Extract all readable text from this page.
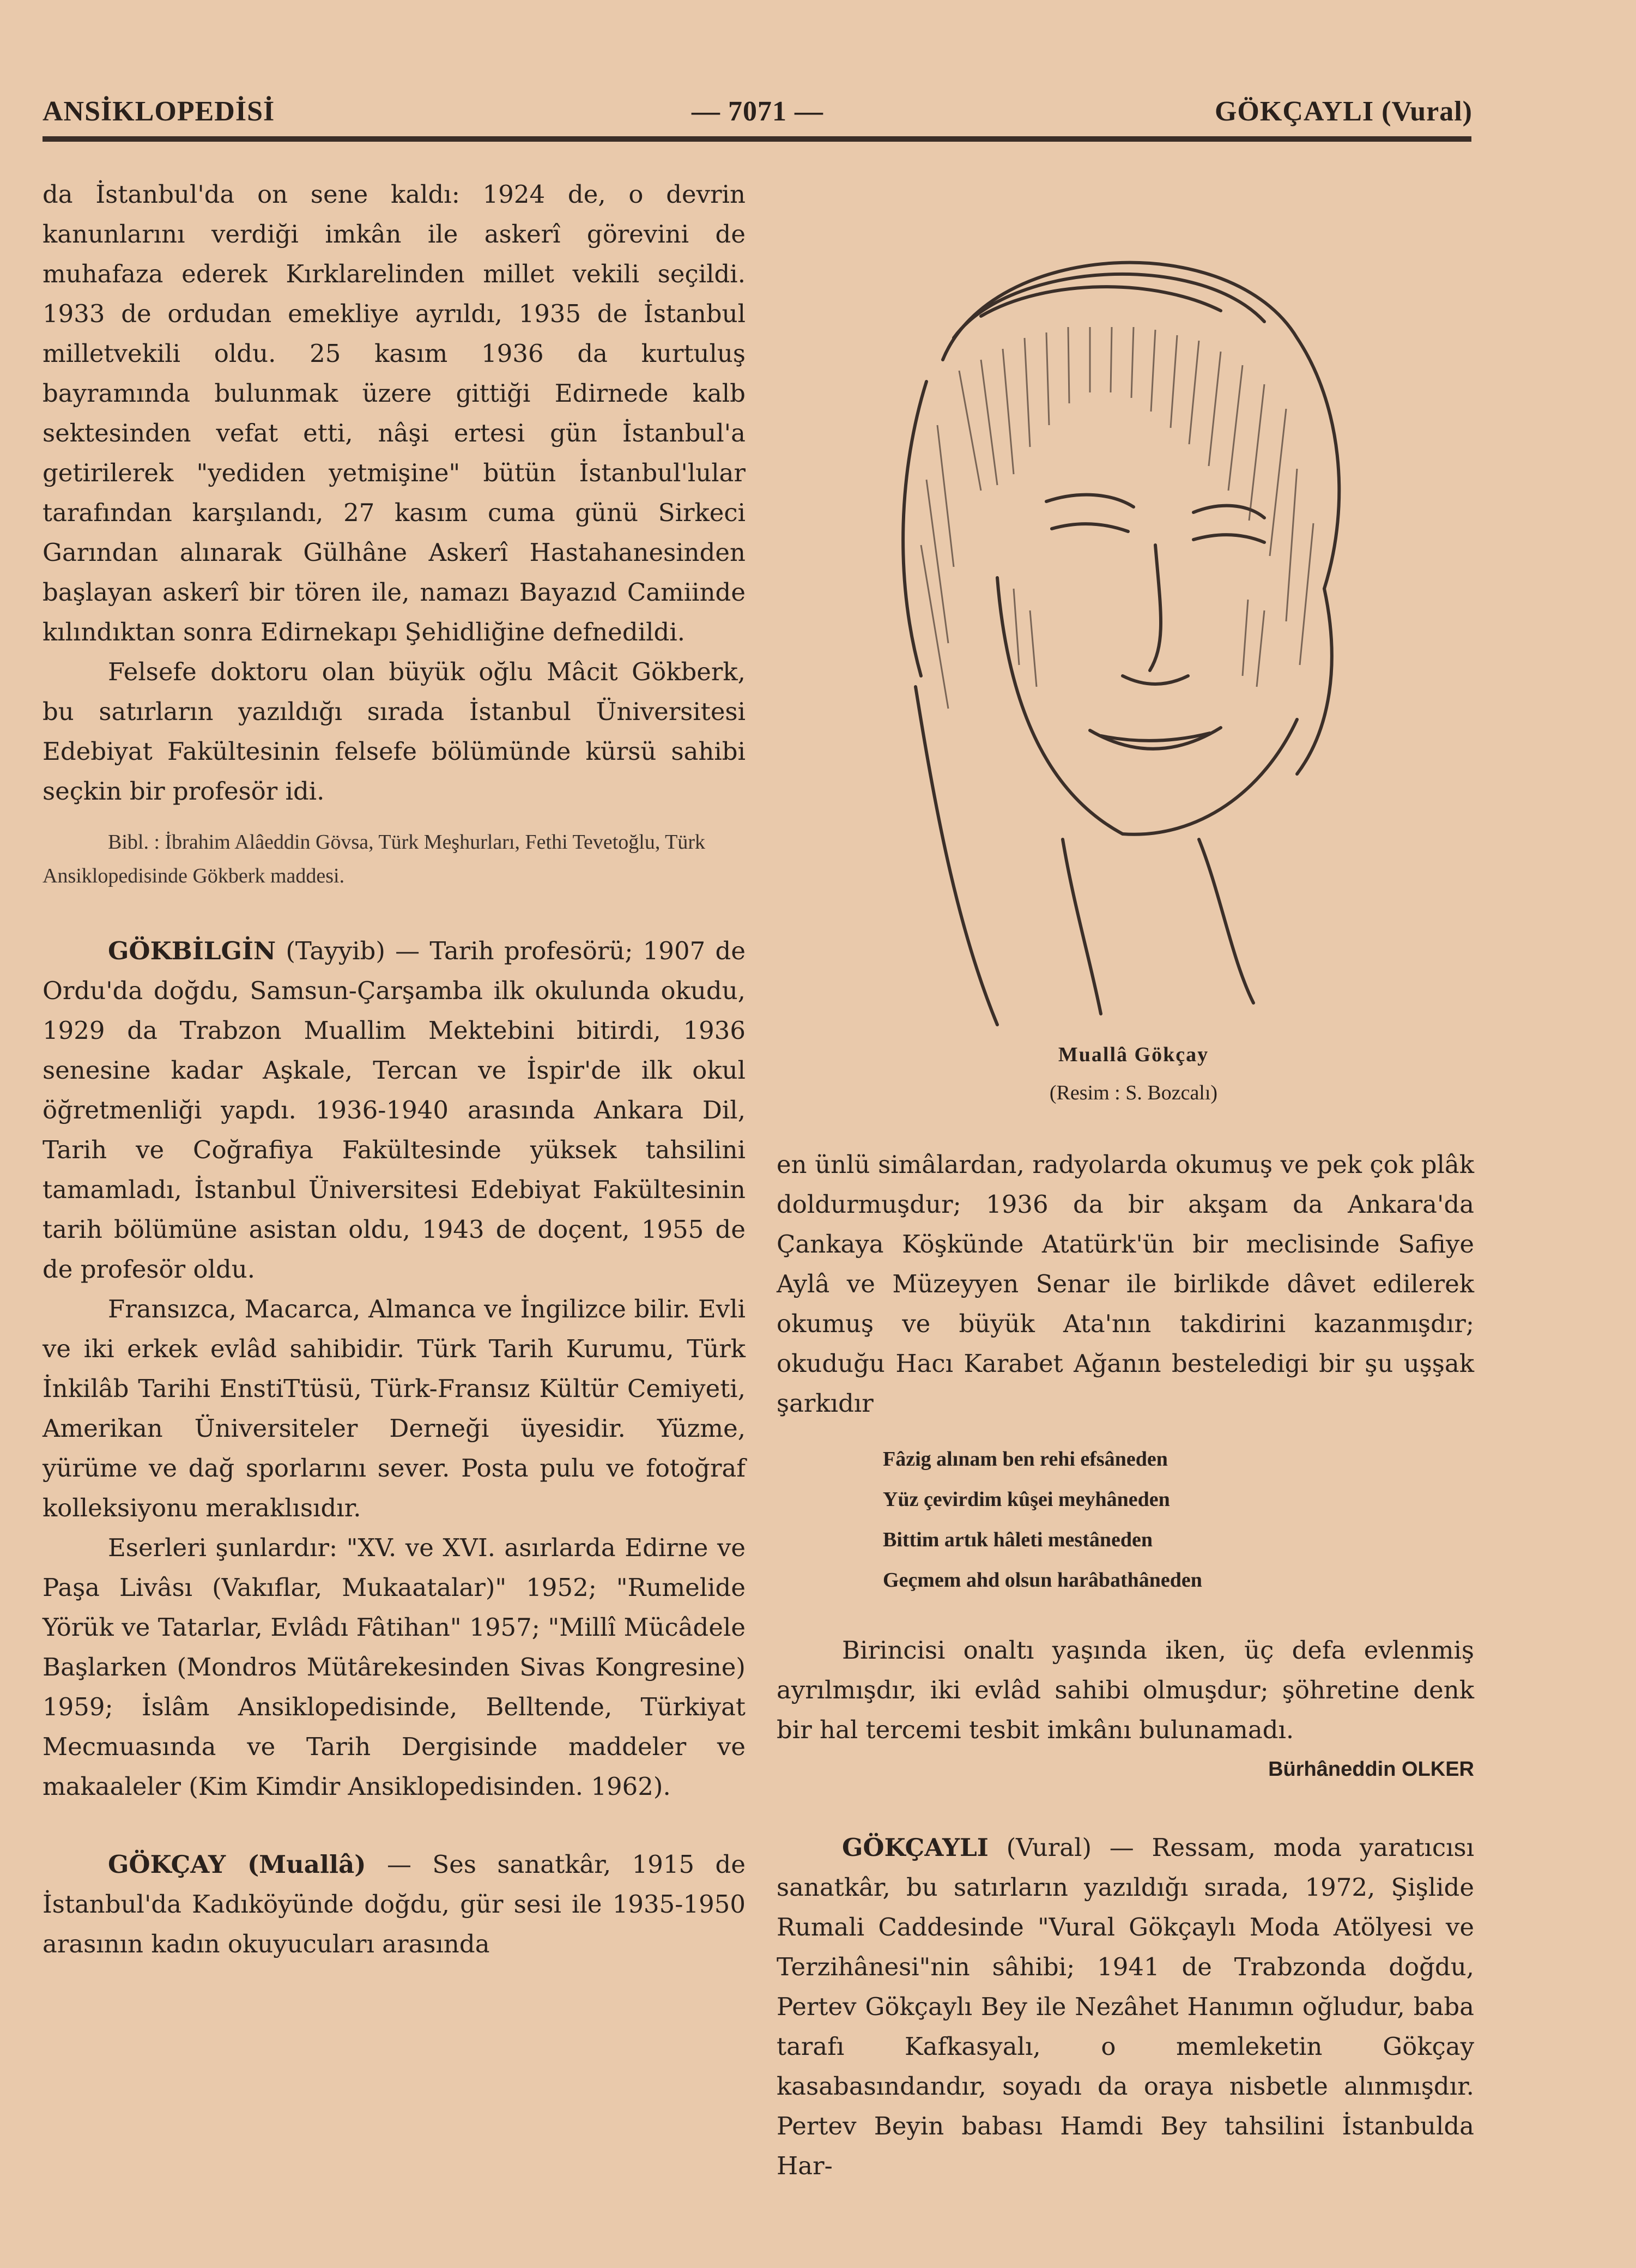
ANSİKLOPEDİSİ	— 7071 —	GÖKÇAYLI (Vural)

da İstanbul'da on sene kaldı: 1924 de, o devrin kanunlarını verdiği imkân ile askerî görevini de muhafaza ederek Kırklarelinden millet vekili seçildi. 1933 de ordudan emekliye ayrıldı, 1935 de İstanbul milletvekili oldu. 25 kasım 1936 da kurtuluş bayramında bulunmak üzere gittiği Edirnede kalb sektesinden vefat etti, nâşi ertesi gün İstanbul'a getirilerek "yediden yetmişine" bütün İstanbul'lular tarafından karşılandı, 27 kasım cuma günü Sirkeci Garından alınarak Gülhâne Askerî Hastahanesinden başlayan askerî bir tören ile, namazı Bayazıd Camiinde kılındıktan sonra Edirnekapı Şehidliğine defnedildi.

Felsefe doktoru olan büyük oğlu Mâcit Gökberk, bu satırların yazıldığı sırada İstanbul Üniversitesi Edebiyat Fakültesinin felsefe bölümünde kürsü sahibi seçkin bir profesör idi.

Bibl. : İbrahim Alâeddin Gövsa, Türk Meşhurları, Fethi Tevetoğlu, Türk Ansiklopedisinde Gökberk maddesi.

GÖKBİLGİN (Tayyib) — Tarih profesörü; 1907 de Ordu'da doğdu, Samsun-Çarşamba ilk okulunda okudu, 1929 da Trabzon Muallim Mektebini bitirdi, 1936 senesine kadar Aşkale, Tercan ve İspir'de ilk okul öğretmenliği yapdı. 1936-1940 arasında Ankara Dil, Tarih ve Coğrafiya Fakültesinde yüksek tahsilini tamamladı, İstanbul Üniversitesi Edebiyat Fakültesinin tarih bölümüne asistan oldu, 1943 de doçent, 1955 de de profesör oldu.

Fransızca, Macarca, Almanca ve İngilizce bilir. Evli ve iki erkek evlâd sahibidir. Türk Tarih Kurumu, Türk İnkilâb Tarihi EnstiTtüsü, Türk-Fransız Kültür Cemiyeti, Amerikan Üniversiteler Derneği üyesidir. Yüzme, yürüme ve dağ sporlarını sever. Posta pulu ve fotoğraf kolleksiyonu meraklısıdır.

Eserleri şunlardır: "XV. ve XVI. asırlarda Edirne ve Paşa Livâsı (Vakıflar, Mukaatalar)" 1952; "Rumelide Yörük ve Tatarlar, Evlâdı Fâtihan" 1957; "Millî Mücâdele Başlarken (Mondros Mütârekesinden Sivas Kongresine) 1959; İslâm Ansiklopedisinde, Belltende, Türkiyat Mecmuasında ve Tarih Dergisinde maddeler ve makaaleler (Kim Kimdir Ansiklopedisinden. 1962).

GÖKÇAY (Muallâ) — Ses sanatkâr, 1915 de İstanbul'da Kadıköyünde doğdu, gür sesi ile 1935-1950 arasının kadın okuyucuları arasında

Muallâ Gökçay
(Resim : S. Bozcalı)

en ünlü simâlardan, radyolarda okumuş ve pek çok plâk doldurmuşdur; 1936 da bir akşam da Ankara'da Çankaya Köşkünde Atatürk'ün bir meclisinde Safiye Aylâ ve Müzeyyen Senar ile birlikde dâvet edilerek okumuş ve büyük Ata'nın takdirini kazanmışdır; okuduğu Hacı Karabet Ağanın besteledigi bir şu uşşak şarkıdır

Birincisi onaltı yaşında iken, üç defa evlenmiş ayrılmışdır, iki evlâd sahibi olmuşdur; şöhretine denk bir hal tercemi tesbit imkânı bulunamadı.

Bürhâneddin OLKER

GÖKÇAYLI (Vural) — Ressam, moda yaratıcısı sanatkâr, bu satırların yazıldığı sırada, 1972, Şişlide Rumali Caddesinde "Vural Gökçaylı Moda Atölyesi ve Terzihânesi"nin sâhibi; 1941 de Trabzonda doğdu, Pertev Gökçaylı Bey ile Nezâhet Hanımın oğludur, baba tarafı Kafkasyalı, o memleketin Gökçay kasabasındandır, soyadı da oraya nisbetle alınmışdır. Pertev Beyin babası Hamdi Bey tahsilini İstanbulda Har-

Fâzig alınam ben rehi efsâneden
Yüz çevirdim kûşei meyhâneden
Bittim artık hâleti mestâneden
Geçmem ahd olsun harâbathâneden
